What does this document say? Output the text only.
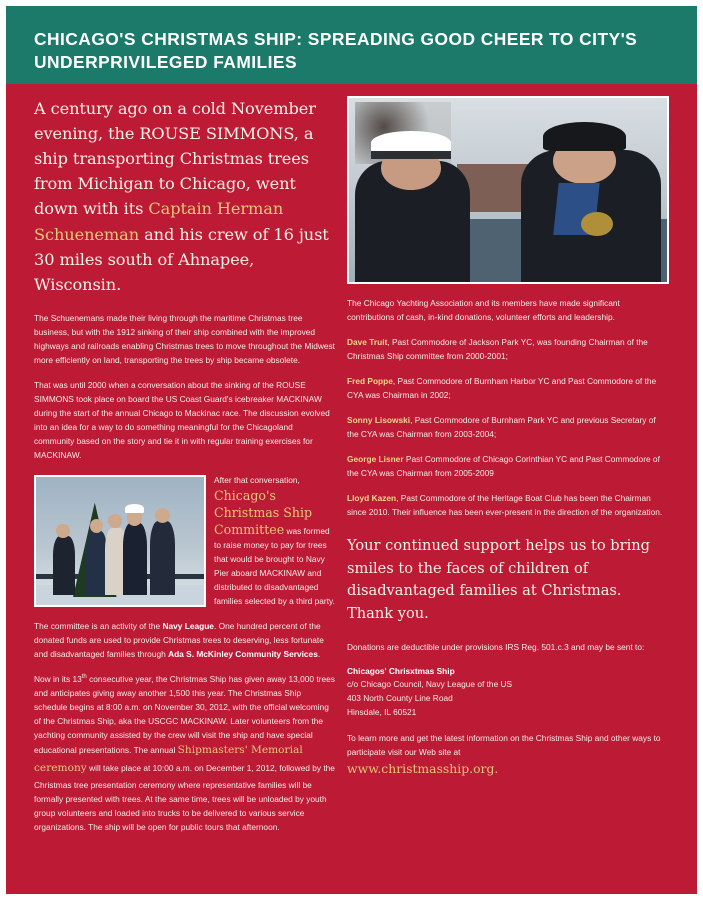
CHICAGO'S CHRISTMAS SHIP: SPREADING GOOD CHEER TO CITY'S UNDERPRIVILEGED FAMILIES

A century ago on a cold November evening, the ROUSE SIMMONS, a ship transporting Christmas trees from Michigan to Chicago, went down with its Captain Herman Schueneman and his crew of 16 just 30 miles south of Ahnapee, Wisconsin.

The Schuenemans made their living through the maritime Christmas tree business, but with the 1912 sinking of their ship combined with the improved highways and railroads enabling Christmas trees to move throughout the Midwest more efficiently on land, transporting the trees by ship became obsolete.

That was until 2000 when a conversation about the sinking of the ROUSE SIMMONS took place on board the US Coast Guard's icebreaker MACKINAW during the start of the annual Chicago to Mackinac race. The discussion evolved into an idea for a way to do something meaningful for the Chicagoland community based on the story and tie it in with regular training exercises for MACKINAW.

After that conversation, Chicago's Christmas Ship Committee was formed to raise money to pay for trees that would be brought to Navy Pier aboard MACKINAW and distributed to disadvantaged families selected by a third party.

The committee is an activity of the Navy League. One hundred percent of the donated funds are used to provide Christmas trees to deserving, less fortunate and disadvantaged families through Ada S. McKinley Community Services.

Now in its 13th consecutive year, the Christmas Ship has given away 13,000 trees and anticipates giving away another 1,500 this year. The Christmas Ship schedule begins at 8:00 a.m. on November 30, 2012, with the official welcoming of the Christmas Ship, aka the USCGC MACKINAW. Later volunteers from the yachting community assisted by the crew will visit the ship and have special educational presentations. The annual Shipmasters' Memorial ceremony will take place at 10:00 a.m. on December 1, 2012, followed by the Christmas tree presentation ceremony where representative families will be formally presented with trees. At the same time, trees will be unloaded by youth group volunteers and loaded into trucks to be delivered to various service organizations. The ship will be open for public tours that afternoon.

The Chicago Yachting Association and its members have made significant contributions of cash, in-kind donations, volunteer efforts and leadership.

Dave Truit, Past Commodore of Jackson Park YC, was founding Chairman of the Christmas Ship committee from 2000-2001;

Fred Poppe, Past Commodore of Burnham Harbor YC and Past Commodore of the CYA was Chairman in 2002;

Sonny Lisowski, Past Commodore of Burnham Park YC and previous Secretary of the CYA was Chairman from 2003-2004;

George Lisner Past Commodore of Chicago Corinthian YC and Past Commodore of the CYA was Chairman from 2005-2009

Lloyd Kazen, Past Commodore of the Heritage Boat Club has been the Chairman since 2010. Their influence has been ever-present in the direction of the organization.

Your continued support helps us to bring smiles to the faces of children of disadvantaged families at Christmas. Thank you.

Donations are deductible under provisions IRS Reg. 501.c.3 and may be sent to:

Chicagos' Chrisxtmas Ship
c/o Chicago Council, Navy League of the US
403 North County Line Road
Hinsdale, IL 60521

To learn more and get the latest information on the Christmas Ship and other ways to participate visit our Web site at

www.christmasship.org.
